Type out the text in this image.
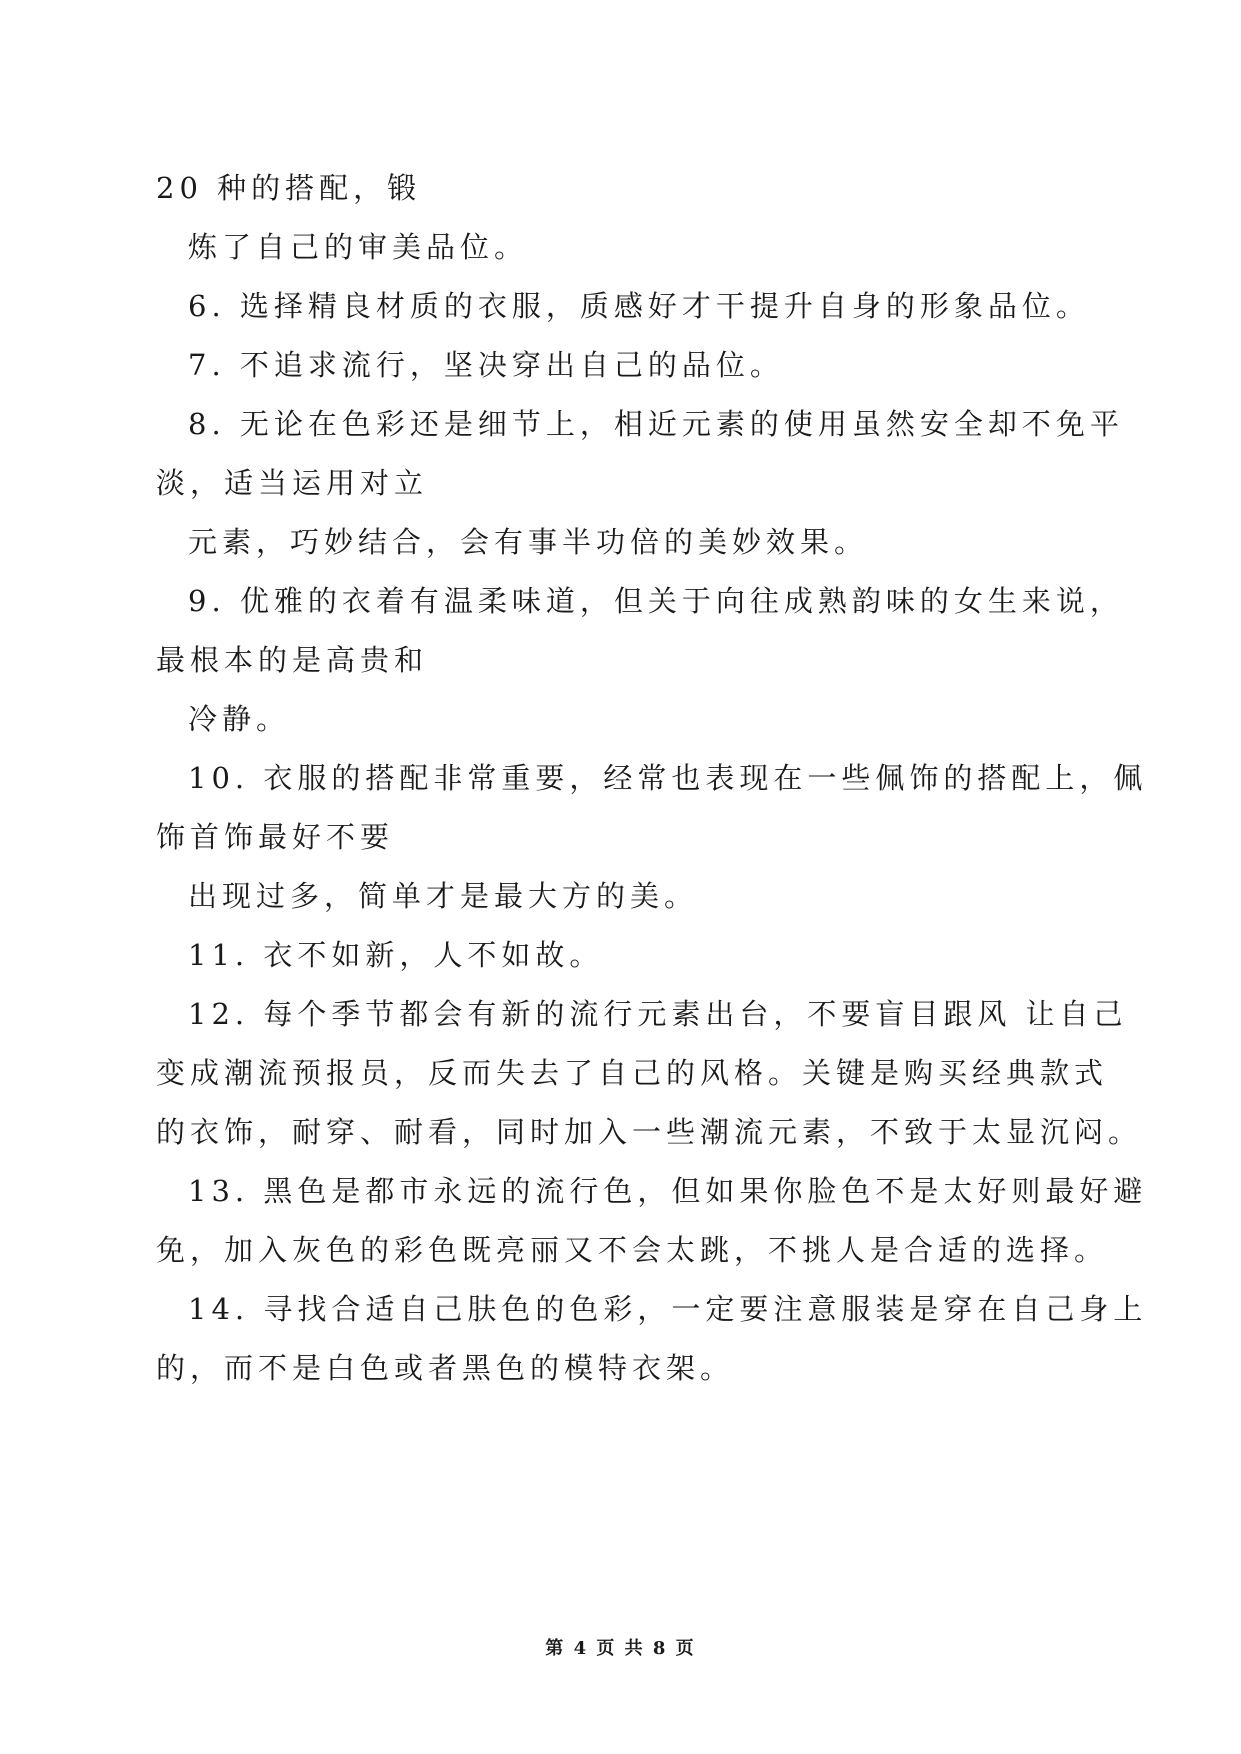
20 种的搭配，锻
炼了自己的审美品位。
6. 选择精良材质的衣服，质感好才干提升自身的形象品位。
7. 不追求流行，坚决穿出自己的品位。
8. 无论在色彩还是细节上，相近元素的使用虽然安全却不免平
淡，适当运用对立
元素，巧妙结合，会有事半功倍的美妙效果。
9. 优雅的衣着有温柔味道，但关于向往成熟韵味的女生来说，
最根本的是高贵和
冷静。
10. 衣服的搭配非常重要，经常也表现在一些佩饰的搭配上，佩
饰首饰最好不要
出现过多，简单才是最大方的美。
11. 衣不如新，人不如故。
12. 每个季节都会有新的流行元素出台，不要盲目跟风 让自己
变成潮流预报员，反而失去了自己的风格。关键是购买经典款式
的衣饰，耐穿、耐看，同时加入一些潮流元素，不致于太显沉闷。
13. 黑色是都市永远的流行色，但如果你脸色不是太好则最好避
免，加入灰色的彩色既亮丽又不会太跳，不挑人是合适的选择。
14. 寻找合适自己肤色的色彩，一定要注意服装是穿在自己身上
的，而不是白色或者黑色的模特衣架。
第 4 页 共 8 页
